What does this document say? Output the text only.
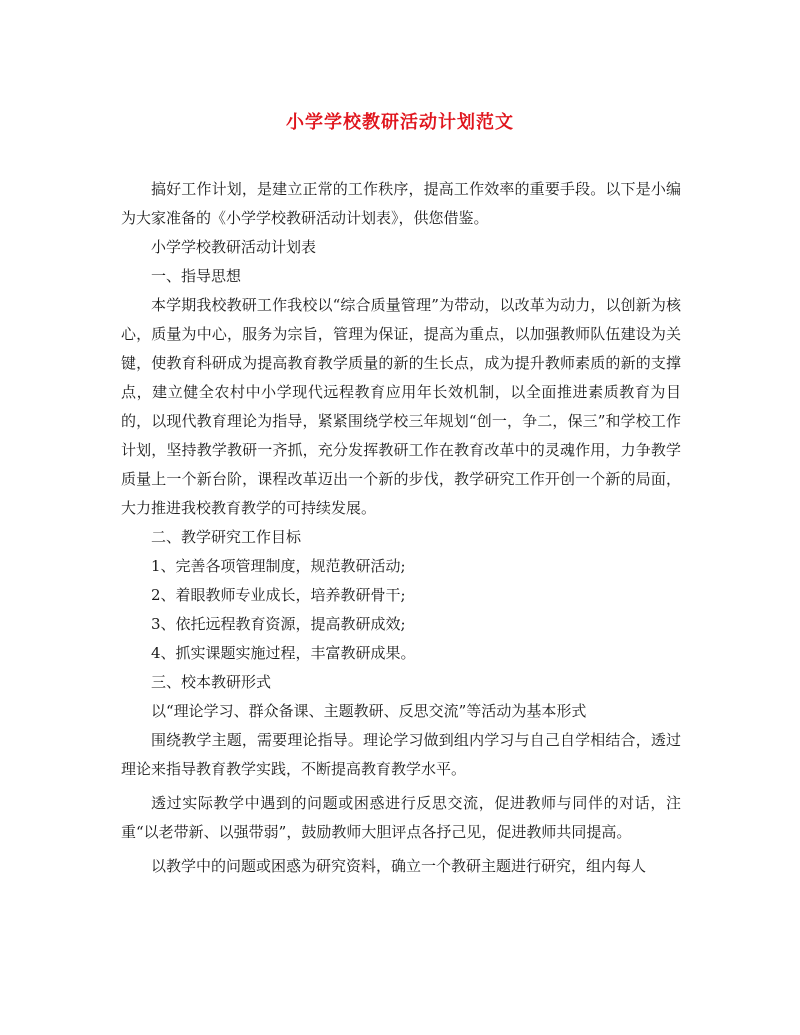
小学学校教研活动计划范文

搞好工作计划，是建立正常的工作秩序，提高工作效率的重要手段。以下是小编为大家准备的《小学学校教研活动计划表》，供您借鉴。

小学学校教研活动计划表

一、指导思想

本学期我校教研工作我校以“综合质量管理”为带动，以改革为动力，以创新为核心，质量为中心，服务为宗旨，管理为保证，提高为重点，以加强教师队伍建设为关键，使教育科研成为提高教育教学质量的新的生长点，成为提升教师素质的新的支撑点，建立健全农村中小学现代远程教育应用年长效机制，以全面推进素质教育为目的，以现代教育理论为指导，紧紧围绕学校三年规划“创一，争二，保三”和学校工作计划，坚持教学教研一齐抓，充分发挥教研工作在教育改革中的灵魂作用，力争教学质量上一个新台阶，课程改革迈出一个新的步伐，教学研究工作开创一个新的局面，大力推进我校教育教学的可持续发展。

二、教学研究工作目标

1、完善各项管理制度，规范教研活动;

2、着眼教师专业成长，培养教研骨干;

3、依托远程教育资源，提高教研成效;

4、抓实课题实施过程，丰富教研成果。

三、校本教研形式

以“理论学习、群众备课、主题教研、反思交流”等活动为基本形式

围绕教学主题，需要理论指导。理论学习做到组内学习与自己自学相结合，透过理论来指导教育教学实践，不断提高教育教学水平。

透过实际教学中遇到的问题或困惑进行反思交流，促进教师与同伴的对话，注重“以老带新、以强带弱”，鼓励教师大胆评点各抒己见，促进教师共同提高。

以教学中的问题或困惑为研究资料，确立一个教研主题进行研究，组内每人
